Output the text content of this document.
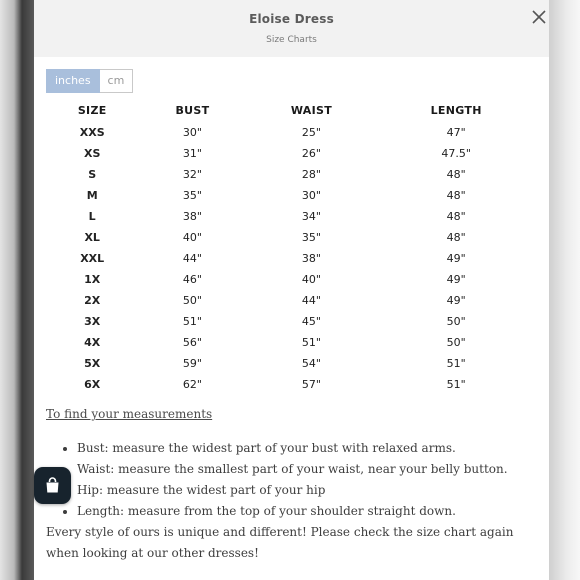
Eloise Dress
Size Charts
inches	cm
SIZE	BUST	WAIST	LENGTH
XXS	30"	25"	47"
XS	31"	26"	47.5"
S	32"	28"	48"
M	35"	30"	48"
L	38"	34"	48"
XL	40"	35"	48"
XXL	44"	38"	49"
1X	46"	40"	49"
2X	50"	44"	49"
3X	51"	45"	50"
4X	56"	51"	50"
5X	59"	54"	51"
6X	62"	57"	51"
To find your measurements
• Bust: measure the widest part of your bust with relaxed arms.
• Waist: measure the smallest part of your waist, near your belly button.
• Hip: measure the widest part of your hip
• Length: measure from the top of your shoulder straight down.
Every style of ours is unique and different! Please check the size chart again when looking at our other dresses!
